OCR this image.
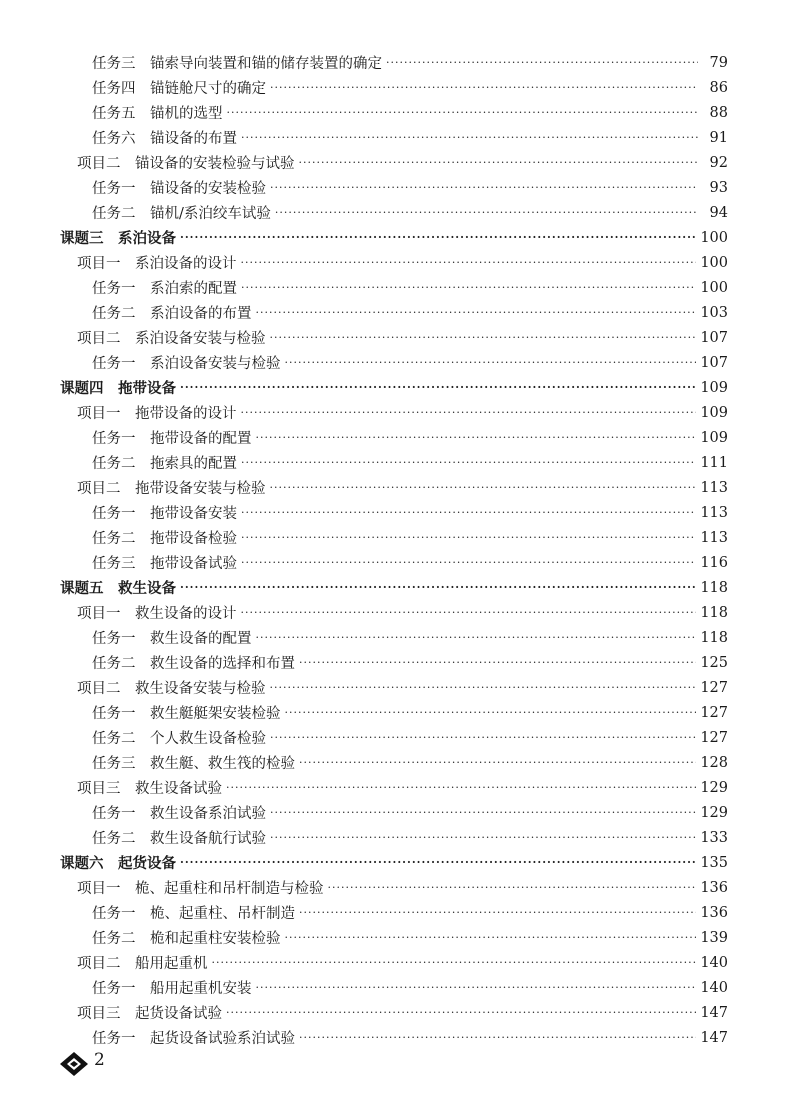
任务三　锚索导向装置和锚的储存装置的确定 ·····	79
任务四　锚链舱尺寸的确定 ·····	86
任务五　锚机的选型 ·····	88
任务六　锚设备的布置 ·····	91
项目二　锚设备的安装检验与试验 ·····	92
任务一　锚设备的安装检验 ·····	93
任务二　锚机/系泊绞车试验 ·····	94
课题三　系泊设备 ·····	100
项目一　系泊设备的设计 ·····	100
任务一　系泊索的配置 ·····	100
任务二　系泊设备的布置 ·····	103
项目二　系泊设备安装与检验 ·····	107
任务一　系泊设备安装与检验 ·····	107
课题四　拖带设备 ·····	109
项目一　拖带设备的设计 ·····	109
任务一　拖带设备的配置 ·····	109
任务二　拖索具的配置 ·····	111
项目二　拖带设备安装与检验 ·····	113
任务一　拖带设备安装 ·····	113
任务二　拖带设备检验 ·····	113
任务三　拖带设备试验 ·····	116
课题五　救生设备 ·····	118
项目一　救生设备的设计 ·····	118
任务一　救生设备的配置 ·····	118
任务二　救生设备的选择和布置 ·····	125
项目二　救生设备安装与检验 ·····	127
任务一　救生艇艇架安装检验 ·····	127
任务二　个人救生设备检验 ·····	127
任务三　救生艇、救生筏的检验 ·····	128
项目三　救生设备试验 ·····	129
任务一　救生设备系泊试验 ·····	129
任务二　救生设备航行试验 ·····	133
课题六　起货设备 ·····	135
项目一　桅、起重柱和吊杆制造与检验 ·····	136
任务一　桅、起重柱、吊杆制造 ·····	136
任务二　桅和起重柱安装检验 ·····	139
项目二　船用起重机 ·····	140
任务一　船用起重机安装 ·····	140
项目三　起货设备试验 ·····	147
任务一　起货设备试验系泊试验 ·····	147
2
